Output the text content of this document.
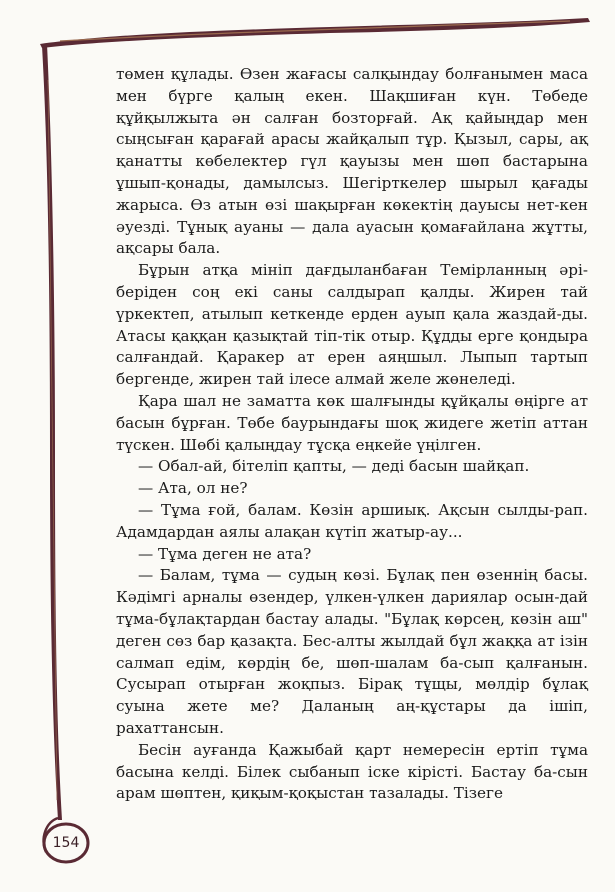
төмен құлады. Өзен жағасы салқындау болғанымен маса мен бүрге қалың екен. Шақшиған күн. Төбеде құйқылжыта ән салған бозторғай. Ақ қайыңдар мен сыңсыған қарағай арасы жайқалып тұр. Қызыл, сары, ақ қанатты көбелектер гүл қауызы мен шөп бастарына ұшып-қонады, дамылсыз. Шегірткелер шырыл қағады жарыса. Өз атын өзі шақырған көкектің дауысы нет-кен әуезді. Тұнық ауаны — дала ауасын қомағайлана жұтты, ақсары бала.

Бұрын атқа мініп дағдыланбаған Темірланның әрі-беріден соң екі саны салдырап қалды. Жирен тай үркектеп, атылып кеткенде ерден ауып қала жаздай-ды. Атасы қаққан қазықтай тіп-тік отыр. Құдды ерге қондыра салғандай. Қаракер ат ерен аяңшыл. Лыпып тартып бергенде, жирен тай ілесе алмай желе жөнеледі.

Қара шал не заматта көк шалғынды құйқалы өңірге ат басын бұрған. Төбе баурындағы шоқ жидеге жетіп аттан түскен. Шөбі қалыңдау тұсқа еңкейе үңілген.

— Обал-ай, бітеліп қапты, — деді басын шайқап.

— Ата, ол не?

— Тұма ғой, балам. Көзін аршиық. Ақсын сылды-рап. Адамдардан аялы алақан күтіп жатыр-ау...

— Тұма деген не ата?

— Балам, тұма — судың көзі. Бұлақ пен өзеннің басы. Кәдімгі арналы өзендер, үлкен-үлкен дариялар осын-дай тұма-бұлақтардан бастау алады. "Бұлақ көрсең, көзін аш" деген сөз бар қазақта. Бес-алты жылдай бұл жаққа ат ізін салмап едім, көрдің бе, шөп-шалам ба-сып қалғанын. Сусырап отырған жоқпыз. Бірақ тұщы, мөлдір бұлақ суына жете ме? Даланың аң-құстары да ішіп, рахаттансын.

Бесін ауғанда Қажыбай қарт немересін ертіп тұма басына келді. Білек сыбанып іске кірісті. Бастау ба-сын арам шөптен, қиқым-қоқыстан тазалады. Тізеге

154
